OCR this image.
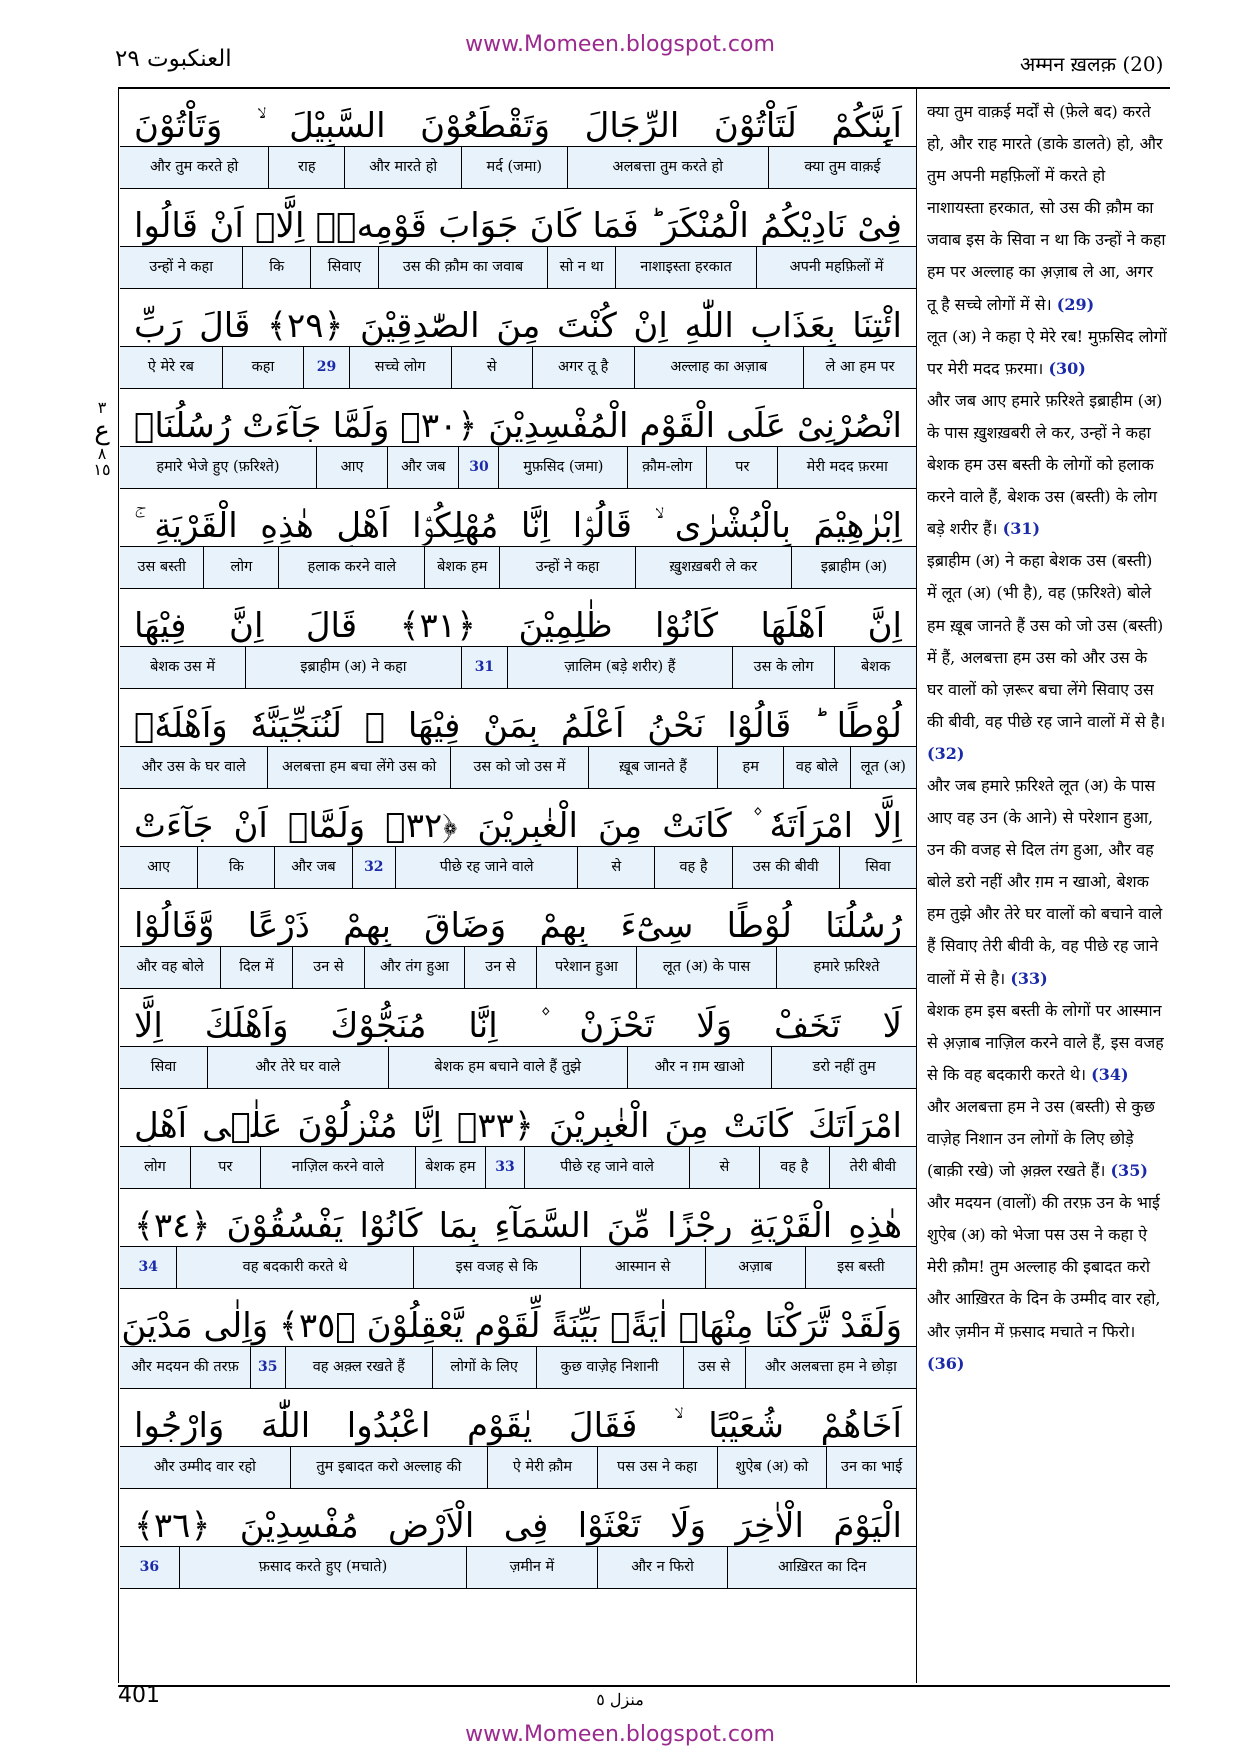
www.Momeen.blogspot.com
العنکبوت ٢٩	अम्मन ख़लक़ (20)
اَىِٕنَّكُمْ لَتَاْتُوْنَ الرِّجَالَ وَتَقْطَعُوْنَ السَّبِيْلَ ۙ وَتَاْتُوْنَ
क्या तुम वाक़ई
अलबत्ता तुम करते हो
मर्द (जमा)
और मारते हो
राह
और तुम करते हो
فِىْ نَادِيْكُمُ الْمُنْكَرَ ؕ فَمَا كَانَ جَوَابَ قَوْمِهٖۤ اِلَّاۤ اَنْ قَالُوا
अपनी महफ़िलों में
नाशाइस्ता हरकात
सो न था
उस की क़ौम का जवाब
सिवाए
कि
उन्हों ने कहा
ائْتِنَا بِعَذَابِ اللّٰهِ اِنْ كُنْتَ مِنَ الصّٰدِقِيْنَ ﴿٢٩﴾ قَالَ رَبِّ
ले आ हम पर
अल्लाह का अज़ाब
अगर तू है
से
सच्चे लोग
29
कहा
ऐ मेरे रब
انْصُرْنِىْ عَلَى الْقَوْمِ الْمُفْسِدِيْنَ ﴿٣٠﴾ وَلَمَّا جَآءَتْ رُسُلُنَاۤ
मेरी मदद फ़रमा
पर
क़ौम-लोग
मुफ़सिद (जमा)
30
और जब
आए
हमारे भेजे हुए (फ़रिश्ते)
اِبْرٰهِيْمَ بِالْبُشْرٰى ۙ قَالُوْۤا اِنَّا مُهْلِكُوْۤا اَهْلِ هٰذِهِ الْقَرْيَةِ ۚ
इब्राहीम (अ)
ख़ुशख़बरी ले कर
उन्हों ने कहा
बेशक हम
हलाक करने वाले
लोग
उस बस्ती
اِنَّ اَهْلَهَا كَانُوْا ظٰلِمِيْنَ ﴿٣١﴾ قَالَ اِنَّ فِيْهَا
बेशक
उस के लोग
ज़ालिम (बड़े शरीर) हैं
31
इब्राहीम (अ) ने कहा
बेशक उस में
لُوْطًا ؕ قَالُوْا نَحْنُ اَعْلَمُ بِمَنْ فِيْهَا ۫ لَنُنَجِّيَنَّهٗ وَاَهْلَهٗۤ
लूत (अ)
वह बोले
हम
ख़ूब जानते हैं
उस को जो उस में
अलबत्ता हम बचा लेंगे उस को
और उस के घर वाले
اِلَّا امْرَاَتَهٗ ۫ كَانَتْ مِنَ الْغٰبِرِيْنَ ﴿٣٢﴾ وَلَمَّاۤ اَنْ جَآءَتْ
सिवा
उस की बीवी
वह है
से
पीछे रह जाने वाले
32
और जब
कि
आए
رُسُلُنَا لُوْطًا سِیْٓءَ بِهِمْ وَضَاقَ بِهِمْ ذَرْعًا وَّقَالُوْا
हमारे फ़रिश्ते
लूत (अ) के पास
परेशान हुआ
उन से
और तंग हुआ
उन से
दिल में
और वह बोले
لَا تَخَفْ وَلَا تَحْزَنْ ۫ اِنَّا مُنَجُّوْكَ وَاَهْلَكَ اِلَّا
डरो नहीं तुम
और न ग़म खाओ
बेशक हम बचाने वाले हैं तुझे
और तेरे घर वाले
सिवा
امْرَاَتَكَ كَانَتْ مِنَ الْغٰبِرِيْنَ ﴿٣٣﴾ اِنَّا مُنْزِلُوْنَ عَلٰۤى اَهْلِ
तेरी बीवी
वह है
से
पीछे रह जाने वाले
33
बेशक हम
नाज़िल करने वाले
पर
लोग
هٰذِهِ الْقَرْيَةِ رِجْزًا مِّنَ السَّمَآءِ بِمَا كَانُوْا يَفْسُقُوْنَ ﴿٣٤﴾
इस बस्ती
अज़ाब
आस्मान से
इस वजह से कि
वह बदकारी करते थे
34
وَلَقَدْ تَّرَكْنَا مِنْهَاۤ اٰيَةًۢ بَيِّنَةً لِّقَوْمٍ يَّعْقِلُوْنَ ﴿٣٥﴾ وَاِلٰى مَدْيَنَ
और अलबत्ता हम ने छोड़ा
उस से
कुछ वाज़ेह निशानी
लोगों के लिए
वह अक़्ल रखते हैं
35
और मदयन की तरफ़
اَخَاهُمْ شُعَيْبًا ۙ فَقَالَ يٰقَوْمِ اعْبُدُوا اللّٰهَ وَارْجُوا
उन का भाई
शुऐब (अ) को
पस उस ने कहा
ऐ मेरी क़ौम
तुम इबादत करो अल्लाह की
और उम्मीद वार रहो
الْيَوْمَ الْاٰخِرَ وَلَا تَعْثَوْا فِى الْاَرْضِ مُفْسِدِيْنَ ﴿٣٦﴾
आख़िरत का दिन
और न फिरो
ज़मीन में
फ़साद करते हुए (मचाते)
36
٣
ع
٨
١٥
क्या तुम वाक़ई मर्दों से (फ़ेले बद) करते हो, और राह मारते (डाके डालते) हो, और तुम अपनी महफ़िलों में करते हो नाशायस्ता हरकात, सो उस की क़ौम का जवाब इस के सिवा न था कि उन्हों ने कहा हम पर अल्लाह का अ़ज़ाब ले आ, अगर तू है सच्चे लोगों में से। (29)
लूत (अ) ने कहा ऐ मेरे रब! मुफ़सिद लोगों पर मेरी मदद फ़रमा। (30)
और जब आए हमारे फ़रिश्ते इब्राहीम (अ) के पास ख़ुशख़बरी ले कर, उन्हों ने कहा बेशक हम उस बस्ती के लोगों को हलाक करने वाले हैं, बेशक उस (बस्ती) के लोग बड़े शरीर हैं। (31)
इब्राहीम (अ) ने कहा बेशक उस (बस्ती) में लूत (अ) (भी है), वह (फ़रिश्ते) बोले हम ख़ूब जानते हैं उस को जो उस (बस्ती) में हैं, अलबत्ता हम उस को और उस के घर वालों को ज़रूर बचा लेंगे सिवाए उस की बीवी, वह पीछे रह जाने वालों में से है। (32)
और जब हमारे फ़रिश्ते लूत (अ) के पास आए वह उन (के आने) से परेशान हुआ, उन की वजह से दिल तंग हुआ, और वह बोले डरो नहीं और ग़म न खाओ, बेशक हम तुझे और तेरे घर वालों को बचाने वाले हैं सिवाए तेरी बीवी के, वह पीछे रह जाने वालों में से है। (33)
बेशक हम इस बस्ती के लोगों पर आस्मान से अ़ज़ाब नाज़िल करने वाले हैं, इस वजह से कि वह बदकारी करते थे। (34)
और अलबत्ता हम ने उस (बस्ती) से कुछ वाज़ेह निशान उन लोगों के लिए छोड़े (बाक़ी रखे) जो अ़क़्ल रखते हैं। (35)
और मदयन (वालों) की तरफ़ उन के भाई शुऐब (अ) को भेजा पस उस ने कहा ऐ मेरी क़ौम! तुम अल्लाह की इबादत करो और आख़िरत के दिन के उम्मीद वार रहो, और ज़मीन में फ़साद मचाते न फिरो। (36)

401	منزل ٥
www.Momeen.blogspot.com
